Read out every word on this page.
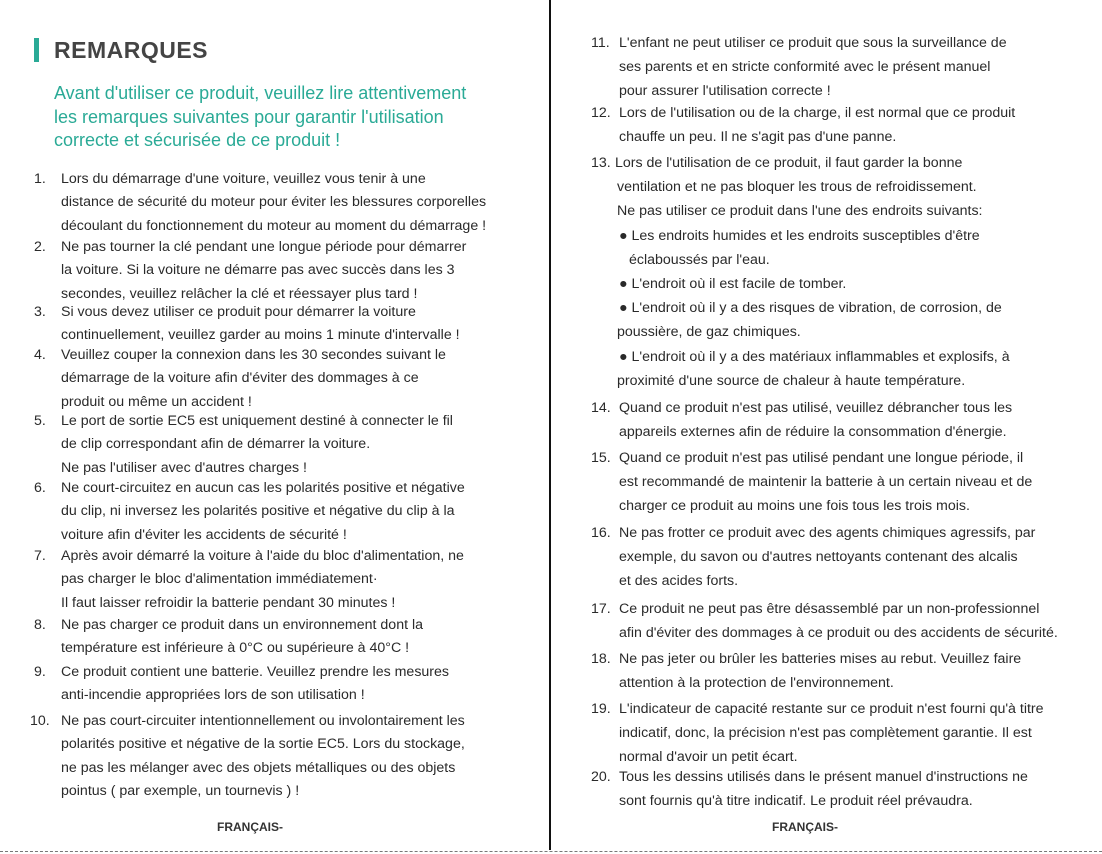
REMARQUES
Avant d'utiliser ce produit, veuillez lire attentivement
les remarques suivantes pour garantir l'utilisation
correcte et sécurisée de ce produit !
1.	Lors du démarrage d'une voiture, veuillez vous tenir à une
distance de sécurité du moteur pour éviter les blessures corporelles
découlant du fonctionnement du moteur au moment du démarrage !
2.	Ne pas tourner la clé pendant une longue période pour démarrer
la voiture. Si la voiture ne démarre pas avec succès dans les 3
secondes, veuillez relâcher la clé et réessayer plus tard !
3.	Si vous devez utiliser ce produit pour démarrer la voiture
continuellement, veuillez garder au moins 1 minute d'intervalle !
4.	Veuillez couper la connexion dans les 30 secondes suivant le
démarrage de la voiture afin d'éviter des dommages à ce
produit ou même un accident !
5.	Le port de sortie EC5 est uniquement destiné à connecter le fil
de clip correspondant afin de démarrer la voiture.
Ne pas l'utiliser avec d'autres charges !
6.	Ne court-circuitez en aucun cas les polarités positive et négative
du clip, ni inversez les polarités positive et négative du clip à la
voiture afin d'éviter les accidents de sécurité !
7.	Après avoir démarré la voiture à l'aide du bloc d'alimentation, ne
pas charger le bloc d'alimentation immédiatement·
Il faut laisser refroidir la batterie pendant 30 minutes !
8.	Ne pas charger ce produit dans un environnement dont la
température est inférieure à 0°C ou supérieure à 40°C !
9.	Ce produit contient une batterie. Veuillez prendre les mesures
anti-incendie appropriées lors de son utilisation !
10. Ne pas court-circuiter intentionnellement ou involontairement les
polarités positive et négative de la sortie EC5. Lors du stockage,
ne pas les mélanger avec des objets métalliques ou des objets
pointus ( par exemple, un tournevis ) !
FRANÇAIS-
11. L'enfant ne peut utiliser ce produit que sous la surveillance de
ses parents et en stricte conformité avec le présent manuel
pour assurer l'utilisation correcte !
12. Lors de l'utilisation ou de la charge, il est normal que ce produit
chauffe un peu. Il ne s'agit pas d'une panne.
13. Lors de l'utilisation de ce produit, il faut garder la bonne
ventilation et ne pas bloquer les trous de refroidissement.
Ne pas utiliser ce produit dans l'une des endroits suivants:
● Les endroits humides et les endroits susceptibles d'être
éclaboussés par l'eau.
● L'endroit où il est facile de tomber.
● L'endroit où il y a des risques de vibration, de corrosion, de
poussière, de gaz chimiques.
● L'endroit où il y a des matériaux inflammables et explosifs, à
proximité d'une source de chaleur à haute température.
14. Quand ce produit n'est pas utilisé, veuillez débrancher tous les
appareils externes afin de réduire la consommation d'énergie.
15. Quand ce produit n'est pas utilisé pendant une longue période, il
est recommandé de maintenir la batterie à un certain niveau et de
charger ce produit au moins une fois tous les trois mois.
16. Ne pas frotter ce produit avec des agents chimiques agressifs, par
exemple, du savon ou d'autres nettoyants contenant des alcalis
et des acides forts.
17. Ce produit ne peut pas être désassemblé par un non-professionnel
afin d'éviter des dommages à ce produit ou des accidents de sécurité.
18. Ne pas jeter ou brûler les batteries mises au rebut. Veuillez faire
attention à la protection de l'environnement.
19. L'indicateur de capacité restante sur ce produit n'est fourni qu'à titre
indicatif, donc, la précision n'est pas complètement garantie. Il est
normal d'avoir un petit écart.
20. Tous les dessins utilisés dans le présent manuel d'instructions ne
sont fournis qu'à titre indicatif. Le produit réel prévaudra.
FRANÇAIS-
